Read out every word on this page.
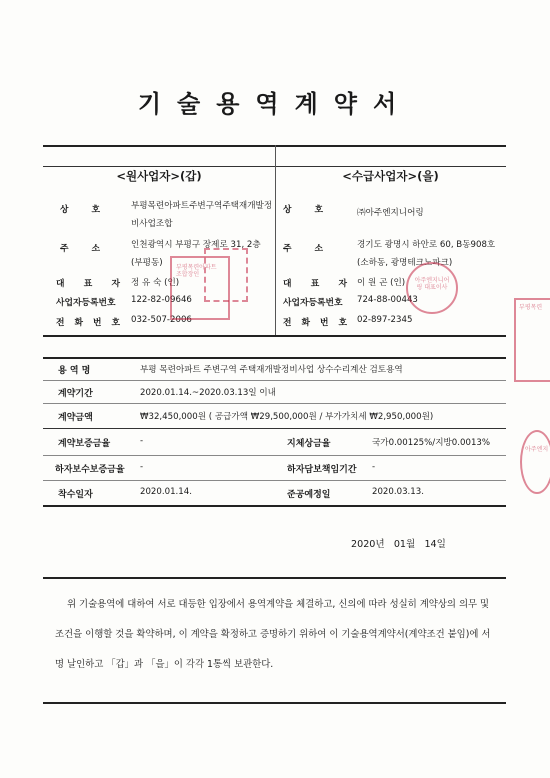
기술용역계약서
<원사업자>(갑)	<수급사업자>(을)
상	호	부평목련아파트주변구역주택재개발정비사업조합
주	소	인천광역시 부평구 장제로 31, 2층(부평동)
대 표 자 정 유 숙 (인)
사업자등록번호 122-82-09646
전 화 번 호 032-507-2006
상	호	㈜아주엔지니어링
주	소	경기도 광명시 하안로 60, B동908호(소하동, 광명테크노파크)
대 표 자 이 원 곤 (인)
사업자등록번호 724-88-00443
전 화 번 호 02-897-2345
용 역 명	부평 목련아파트 주변구역 주택재개발정비사업 상수수리계산 검토용역
계약기간	2020.01.14.~2020.03.13일 이내
계약금액	₩32,450,000원 ( 공급가액 ₩29,500,000원 / 부가가치세 ₩2,950,000원)
계약보증금율	-	지체상금율	국가0.00125%/지방0.0013%
하자보수보증금율 -	하자담보책임기간 -
착수일자	2020.01.14.	준공예정일	2020.03.13.
2020년   01월   14일
위 기술용역에 대하여 서로 대등한 입장에서 용역계약을 체결하고, 신의에 따라 성실히 계약상의 의무 및 조건을 이행할 것을 확약하며, 이 계약을 확정하고 증명하기 위하여 이 기술용역계약서(계약조건 붙임)에 서명 날인하고 「갑」과 「을」이 각각 1통씩 보관한다.
부평목련아파트 조합장인
아주엔지니어링 대표이사
부평목련
아주엔지
